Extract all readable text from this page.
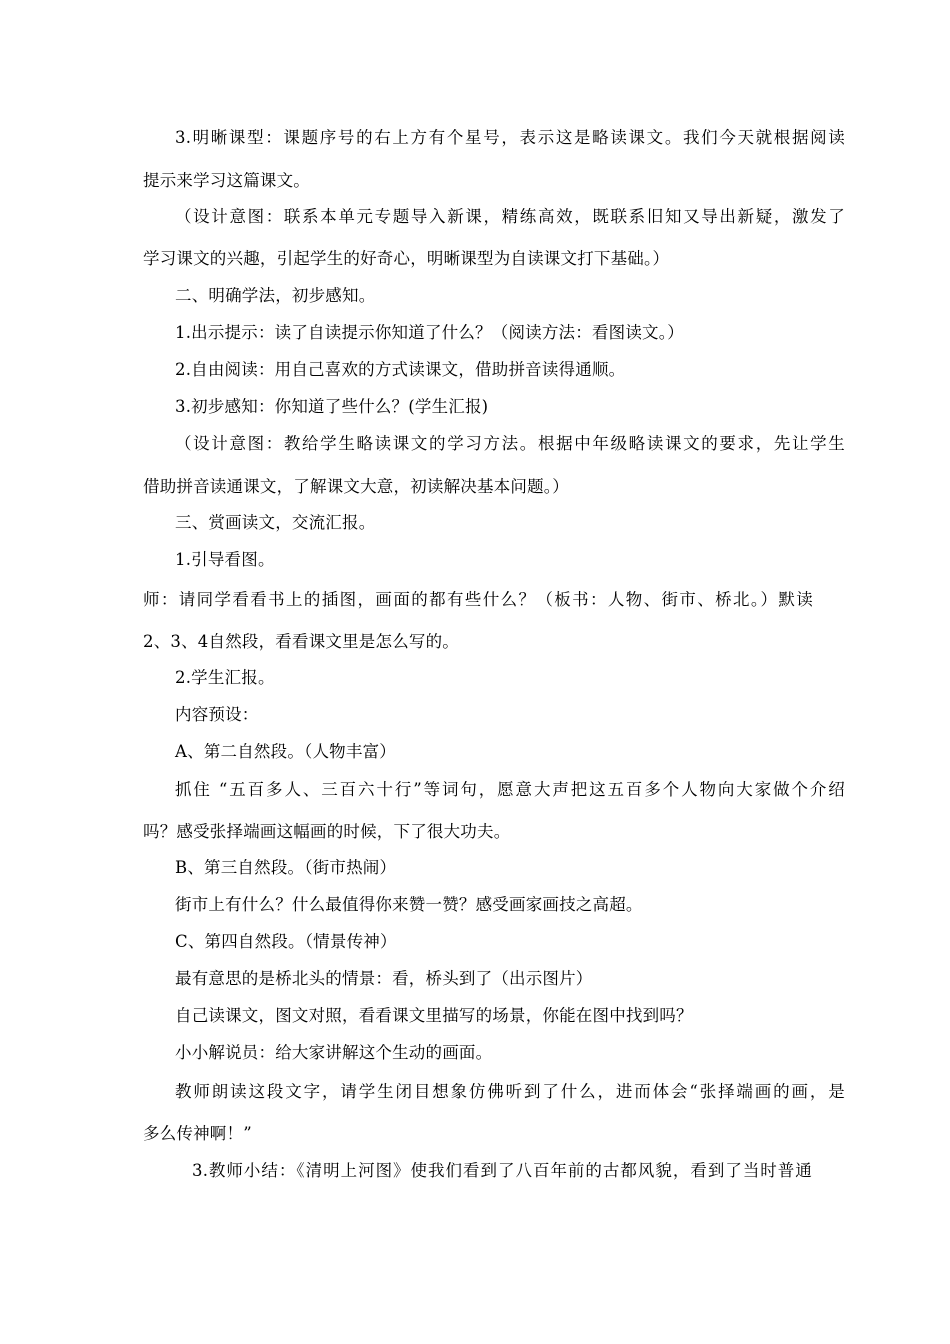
3.明晰课型：课题序号的右上方有个星号，表示这是略读课文。我们今天就根据阅读
提示来学习这篇课文。
（设计意图：联系本单元专题导入新课，精练高效，既联系旧知又导出新疑，激发了
学习课文的兴趣，引起学生的好奇心，明晰课型为自读课文打下基础。）
二、明确学法，初步感知。
1.出示提示：读了自读提示你知道了什么？（阅读方法：看图读文。）
2.自由阅读：用自己喜欢的方式读课文，借助拼音读得通顺。
3.初步感知：你知道了些什么？(学生汇报)
（设计意图：教给学生略读课文的学习方法。根据中年级略读课文的要求，先让学生
借助拼音读通课文，了解课文大意，初读解决基本问题。）
三、赏画读文，交流汇报。
1.引导看图。
师：请同学看看书上的插图，画面的都有些什么？（板书：人物、街市、桥北。）默读
2、3、4自然段，看看课文里是怎么写的。
2.学生汇报。
内容预设：
A、第二自然段。（人物丰富）
抓住 “五百多人、三百六十行”等词句，愿意大声把这五百多个人物向大家做个介绍
吗？感受张择端画这幅画的时候，下了很大功夫。
B、第三自然段。（街市热闹）
街市上有什么？什么最值得你来赞一赞？感受画家画技之高超。
C、第四自然段。（情景传神）
最有意思的是桥北头的情景：看，桥头到了（出示图片）
自己读课文，图文对照，看看课文里描写的场景，你能在图中找到吗？
小小解说员：给大家讲解这个生动的画面。
教师朗读这段文字，请学生闭目想象仿佛听到了什么，进而体会“张择端画的画，是
多么传神啊！”
3.教师小结：《清明上河图》使我们看到了八百年前的古都风貌，看到了当时普通
